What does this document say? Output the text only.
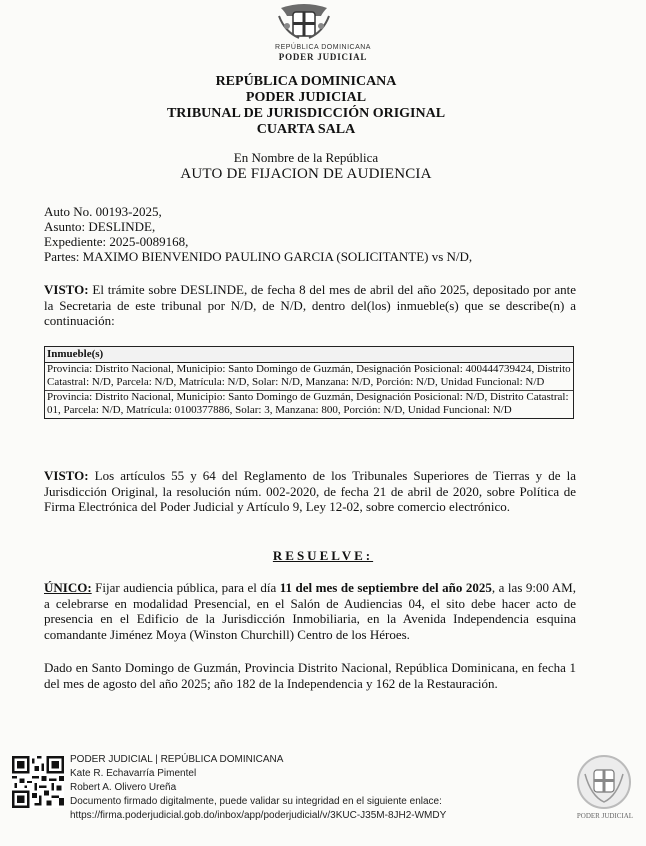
REPÚBLICA DOMINICANA
PODER JUDICIAL
REPÚBLICA DOMINICANA
PODER JUDICIAL
TRIBUNAL DE JURISDICCIÓN ORIGINAL
CUARTA SALA
En Nombre de la República
AUTO DE FIJACION DE AUDIENCIA
Auto No. 00193-2025,
Asunto: DESLINDE,
Expediente: 2025-0089168,
Partes: MAXIMO BIENVENIDO PAULINO GARCIA (SOLICITANTE) vs N/D,
VISTO: El trámite sobre DESLINDE, de fecha 8 del mes de abril del año 2025, depositado por ante la Secretaria de este tribunal por N/D, de N/D, dentro del(los) inmueble(s) que se describe(n) a continuación:
Inmueble(s)
Provincia: Distrito Nacional, Municipio: Santo Domingo de Guzmán, Designación Posicional: 400444739424, Distrito Catastral: N/D, Parcela: N/D, Matrícula: N/D, Solar: N/D, Manzana: N/D, Porción: N/D, Unidad Funcional: N/D
Provincia: Distrito Nacional, Municipio: Santo Domingo de Guzmán, Designación Posicional: N/D, Distrito Catastral: 01, Parcela: N/D, Matrícula: 0100377886, Solar: 3, Manzana: 800, Porción: N/D, Unidad Funcional: N/D
VISTO: Los artículos 55 y 64 del Reglamento de los Tribunales Superiores de Tierras y de la Jurisdicción Original, la resolución núm. 002-2020, de fecha 21 de abril de 2020, sobre Política de Firma Electrónica del Poder Judicial y Artículo 9, Ley 12-02, sobre comercio electrónico.
RESUELVE:
ÚNICO: Fijar audiencia pública, para el día 11 del mes de septiembre del año 2025, a las 9:00 AM, a celebrarse en modalidad Presencial, en el Salón de Audiencias 04, el sito debe hacer acto de presencia en el Edificio de la Jurisdicción Inmobiliaria, en la Avenida Independencia esquina comandante Jiménez Moya (Winston Churchill) Centro de los Héroes.
Dado en Santo Domingo de Guzmán, Provincia Distrito Nacional, República Dominicana, en fecha 1 del mes de agosto del año 2025; año 182 de la Independencia y 162 de la Restauración.
PODER JUDICIAL | REPÚBLICA DOMINICANA
Kate R. Echavarría Pimentel
Robert A. Olivero Ureña
Documento firmado digitalmente, puede validar su integridad en el siguiente enlace:
https://firma.poderjudicial.gob.do/inbox/app/poderjudicial/v/3KUC-J35M-8JH2-WMDY	PODER JUDICIAL
